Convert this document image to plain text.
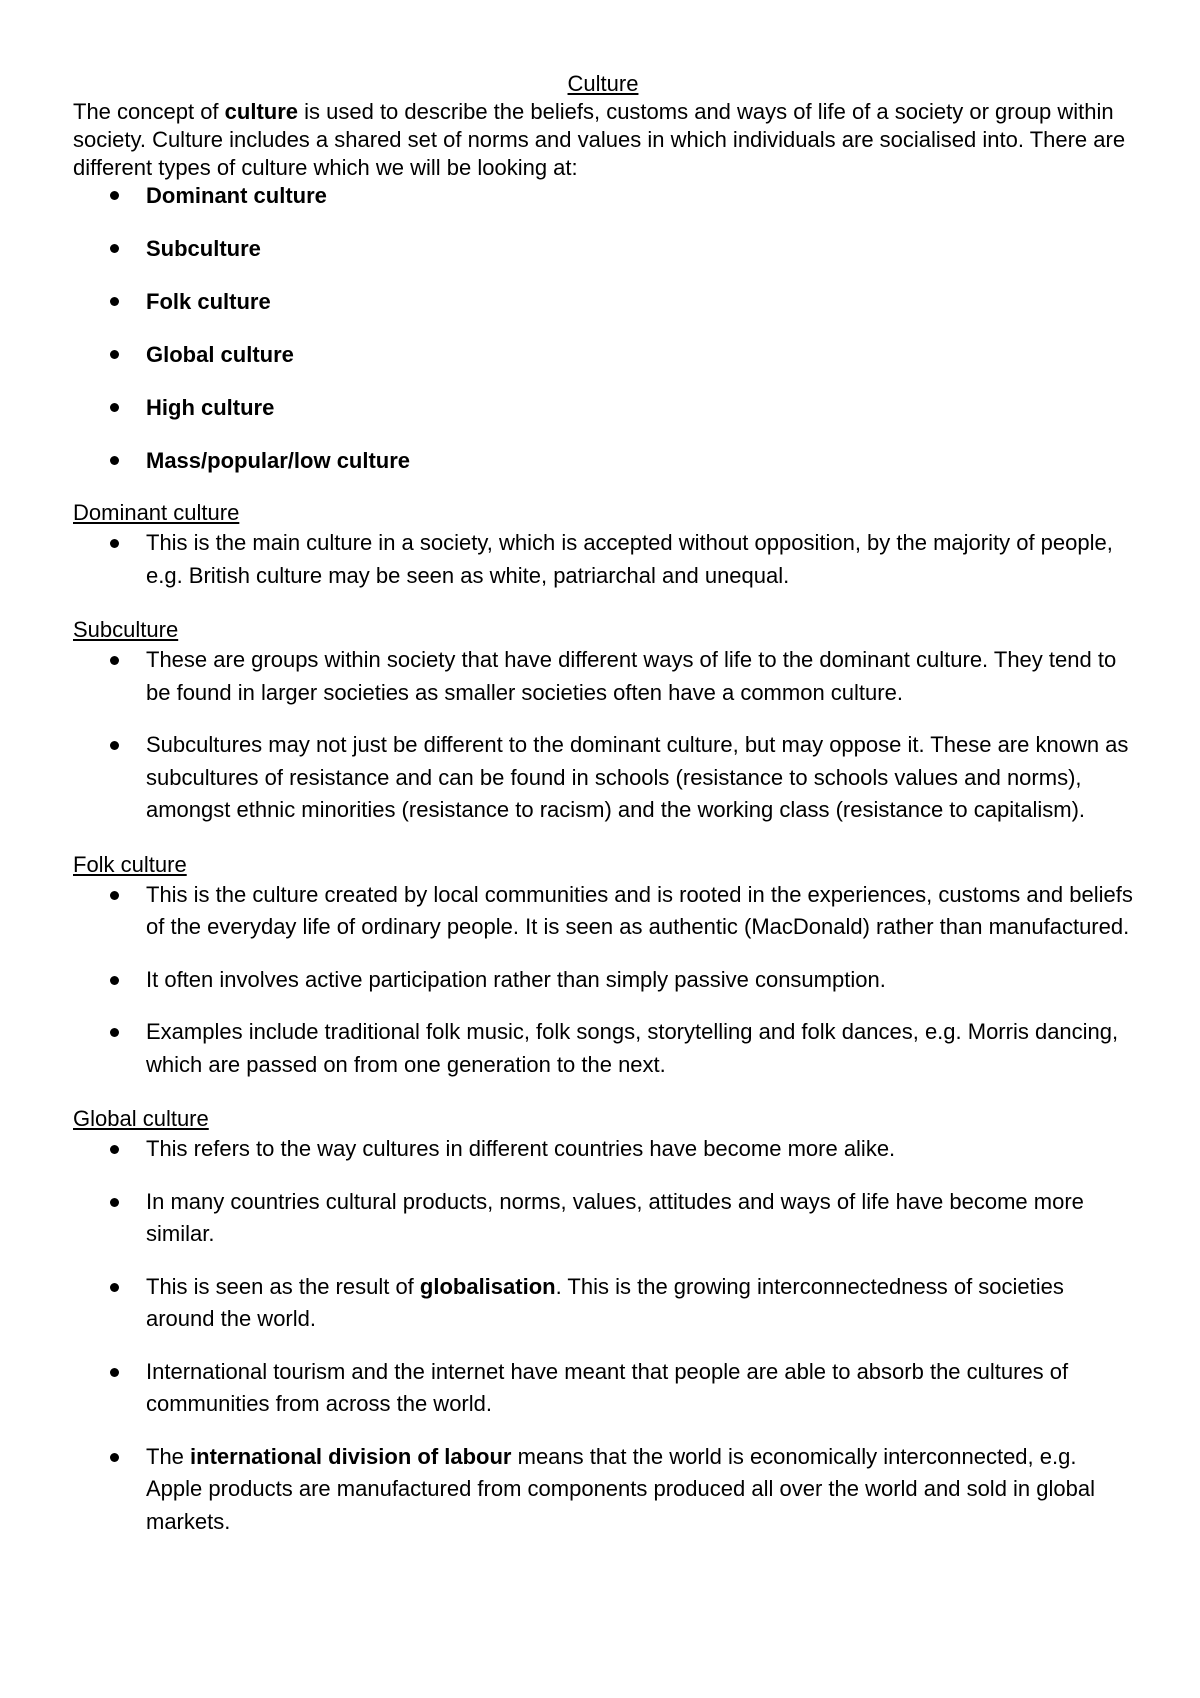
Culture

The concept of culture is used to describe the beliefs, customs and ways of life of a society or group within society. Culture includes a shared set of norms and values in which individuals are socialised into. There are different types of culture which we will be looking at:

Dominant culture
Subculture
Folk culture
Global culture
High culture
Mass/popular/low culture
Dominant culture
This is the main culture in a society, which is accepted without opposition, by the majority of people, e.g. British culture may be seen as white, patriarchal and unequal.
Subculture
These are groups within society that have different ways of life to the dominant culture. They tend to be found in larger societies as smaller societies often have a common culture.
Subcultures may not just be different to the dominant culture, but may oppose it. These are known as subcultures of resistance and can be found in schools (resistance to schools values and norms), amongst ethnic minorities (resistance to racism) and the working class (resistance to capitalism).
Folk culture
This is the culture created by local communities and is rooted in the experiences, customs and beliefs of the everyday life of ordinary people. It is seen as authentic (MacDonald) rather than manufactured.
It often involves active participation rather than simply passive consumption.
Examples include traditional folk music, folk songs, storytelling and folk dances, e.g. Morris dancing, which are passed on from one generation to the next.
Global culture
This refers to the way cultures in different countries have become more alike.
In many countries cultural products, norms, values, attitudes and ways of life have become more similar.
This is seen as the result of globalisation. This is the growing interconnectedness of societies around the world.
International tourism and the internet have meant that people are able to absorb the cultures of communities from across the world.
The international division of labour means that the world is economically interconnected, e.g. Apple products are manufactured from components produced all over the world and sold in global markets.
